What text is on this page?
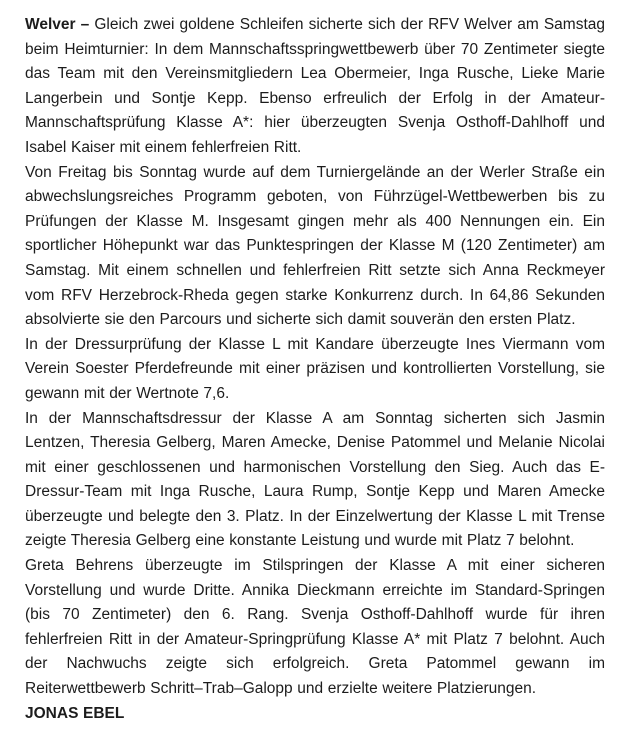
Welver – Gleich zwei goldene Schleifen sicherte sich der RFV Welver am Samstag beim Heimturnier: In dem Mannschaftsspringwettbewerb über 70 Zentimeter siegte das Team mit den Vereinsmitgliedern Lea Obermeier, Inga Rusche, Lieke Marie Langerbein und Sontje Kepp. Ebenso erfreulich der Erfolg in der Amateur-Mannschaftsprüfung Klasse A*: hier überzeugten Svenja Osthoff-Dahlhoff und Isabel Kaiser mit einem fehlerfreien Ritt.

Von Freitag bis Sonntag wurde auf dem Turniergelände an der Werler Straße ein abwechslungsreiches Programm geboten, von Führzügel-Wettbewerben bis zu Prüfungen der Klasse M. Insgesamt gingen mehr als 400 Nennungen ein. Ein sportlicher Höhepunkt war das Punktespringen der Klasse M (120 Zentimeter) am Samstag. Mit einem schnellen und fehlerfreien Ritt setzte sich Anna Reckmeyer vom RFV Herzebrock-Rheda gegen starke Konkurrenz durch. In 64,86 Sekunden absolvierte sie den Parcours und sicherte sich damit souverän den ersten Platz.

In der Dressurprüfung der Klasse L mit Kandare überzeugte Ines Viermann vom Verein Soester Pferdefreunde mit einer präzisen und kontrollierten Vorstellung, sie gewann mit der Wertnote 7,6.

In der Mannschaftsdressur der Klasse A am Sonntag sicherten sich Jasmin Lentzen, Theresia Gelberg, Maren Amecke, Denise Patommel und Melanie Nicolai mit einer geschlossenen und harmonischen Vorstellung den Sieg. Auch das E-Dressur-Team mit Inga Rusche, Laura Rump, Sontje Kepp und Maren Amecke überzeugte und belegte den 3. Platz. In der Einzelwertung der Klasse L mit Trense zeigte Theresia Gelberg eine konstante Leistung und wurde mit Platz 7 belohnt.

Greta Behrens überzeugte im Stilspringen der Klasse A mit einer sicheren Vorstellung und wurde Dritte. Annika Dieckmann erreichte im Standard-Springen (bis 70 Zentimeter) den 6. Rang. Svenja Osthoff-Dahlhoff wurde für ihren fehlerfreien Ritt in der Amateur-Springprüfung Klasse A* mit Platz 7 belohnt. Auch der Nachwuchs zeigte sich erfolgreich. Greta Patommel gewann im Reiterwettbewerb Schritt–Trab–Galopp und erzielte weitere Platzierungen.

JONAS EBEL
